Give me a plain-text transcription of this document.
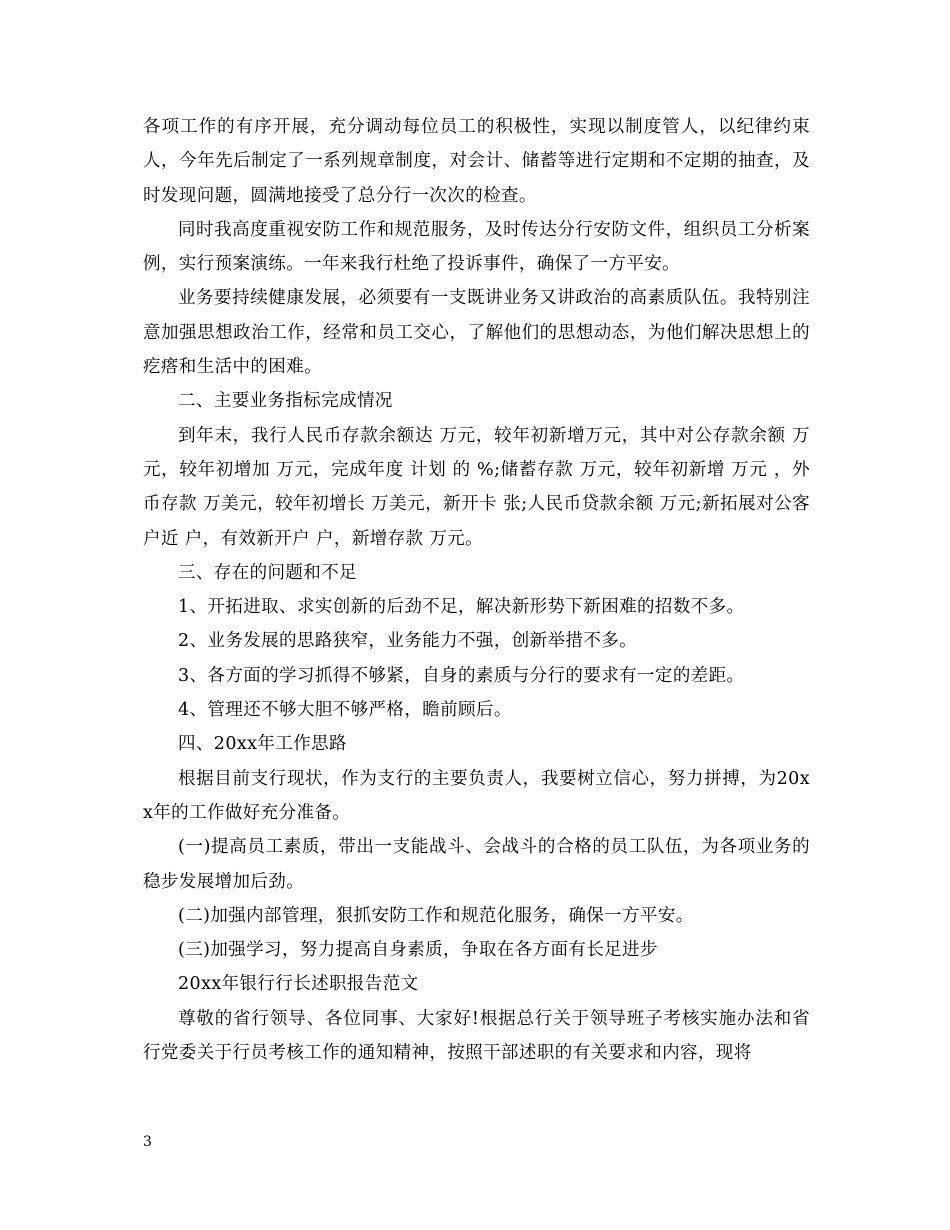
各项工作的有序开展，充分调动每位员工的积极性，实现以制度管人，以纪律约束人，今年先后制定了一系列规章制度，对会计、储蓄等进行定期和不定期的抽查，及时发现问题，圆满地接受了总分行一次次的检查。

同时我高度重视安防工作和规范服务，及时传达分行安防文件，组织员工分析案例，实行预案演练。一年来我行杜绝了投诉事件，确保了一方平安。

业务要持续健康发展，必须要有一支既讲业务又讲政治的高素质队伍。我特别注意加强思想政治工作，经常和员工交心，了解他们的思想动态，为他们解决思想上的疙瘩和生活中的困难。

二、主要业务指标完成情况

到年末，我行人民币存款余额达 万元，较年初新增万元，其中对公存款余额 万元，较年初增加 万元，完成年度 计划 的 %;储蓄存款 万元，较年初新增 万元 ，外币存款 万美元，较年初增长 万美元，新开卡 张;人民币贷款余额 万元;新拓展对公客户近 户，有效新开户 户，新增存款 万元。

三、存在的问题和不足

1、开拓进取、求实创新的后劲不足，解决新形势下新困难的招数不多。

2、业务发展的思路狭窄，业务能力不强，创新举措不多。

3、各方面的学习抓得不够紧，自身的素质与分行的要求有一定的差距。

4、管理还不够大胆不够严格，瞻前顾后。

四、20xx年工作思路

根据目前支行现状，作为支行的主要负责人，我要树立信心，努力拼搏，为20xx年的工作做好充分准备。

(一)提高员工素质，带出一支能战斗、会战斗的合格的员工队伍，为各项业务的稳步发展增加后劲。

(二)加强内部管理，狠抓安防工作和规范化服务，确保一方平安。

(三)加强学习，努力提高自身素质，争取在各方面有长足进步

20xx年银行行长述职报告范文

尊敬的省行领导、各位同事、大家好!根据总行关于领导班子考核实施办法和省行党委关于行员考核工作的通知精神，按照干部述职的有关要求和内容，现将

3
